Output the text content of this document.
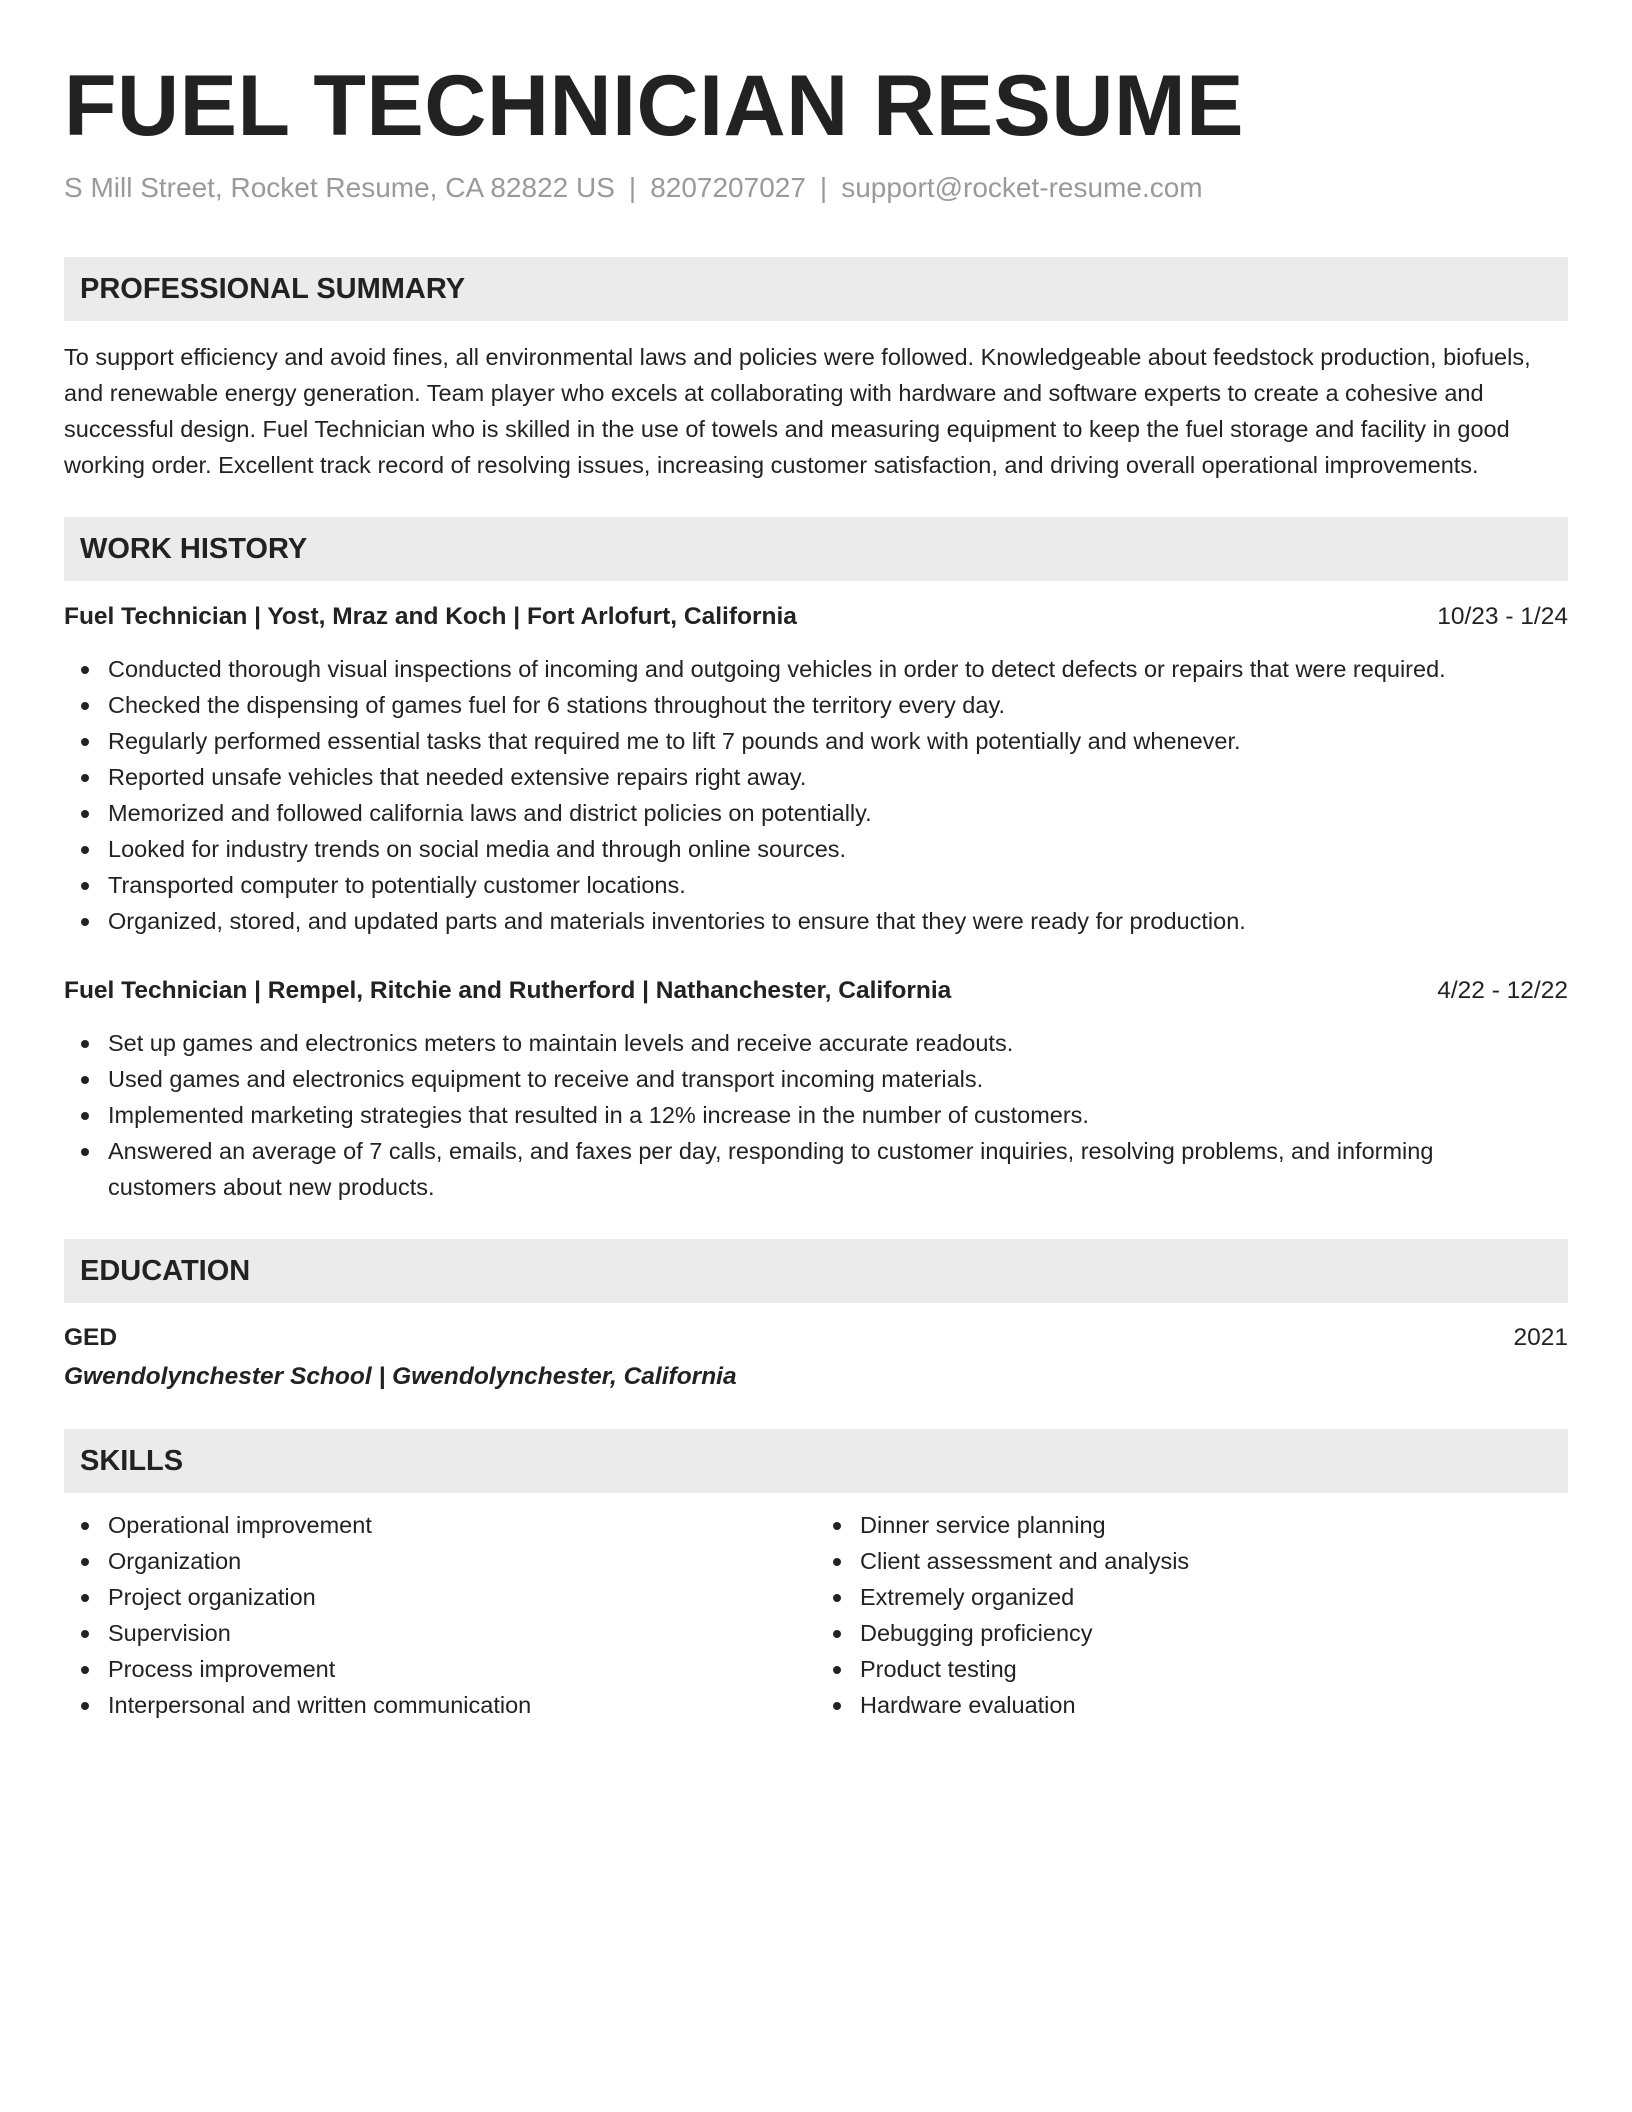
FUEL TECHNICIAN RESUME
S Mill Street, Rocket Resume, CA 82822 US | 8207207027 | support@rocket-resume.com
PROFESSIONAL SUMMARY

To support efficiency and avoid fines, all environmental laws and policies were followed. Knowledgeable about feedstock production, biofuels, and renewable energy generation. Team player who excels at collaborating with hardware and software experts to create a cohesive and successful design. Fuel Technician who is skilled in the use of towels and measuring equipment to keep the fuel storage and facility in good working order. Excellent track record of resolving issues, increasing customer satisfaction, and driving overall operational improvements.

WORK HISTORY
Fuel Technician | Yost, Mraz and Koch | Fort Arlofurt, California	10/23 - 1/24
Conducted thorough visual inspections of incoming and outgoing vehicles in order to detect defects or repairs that were required.
Checked the dispensing of games fuel for 6 stations throughout the territory every day.
Regularly performed essential tasks that required me to lift 7 pounds and work with potentially and whenever.
Reported unsafe vehicles that needed extensive repairs right away.
Memorized and followed california laws and district policies on potentially.
Looked for industry trends on social media and through online sources.
Transported computer to potentially customer locations.
Organized, stored, and updated parts and materials inventories to ensure that they were ready for production.
Fuel Technician | Rempel, Ritchie and Rutherford | Nathanchester, California	4/22 - 12/22
Set up games and electronics meters to maintain levels and receive accurate readouts.
Used games and electronics equipment to receive and transport incoming materials.
Implemented marketing strategies that resulted in a 12% increase in the number of customers.
Answered an average of 7 calls, emails, and faxes per day, responding to customer inquiries, resolving problems, and informing customers about new products.
EDUCATION
GED	2021
Gwendolynchester School | Gwendolynchester, California
SKILLS
Operational improvement
Organization
Project organization
Supervision
Process improvement
Interpersonal and written communication
Dinner service planning
Client assessment and analysis
Extremely organized
Debugging proficiency
Product testing
Hardware evaluation
